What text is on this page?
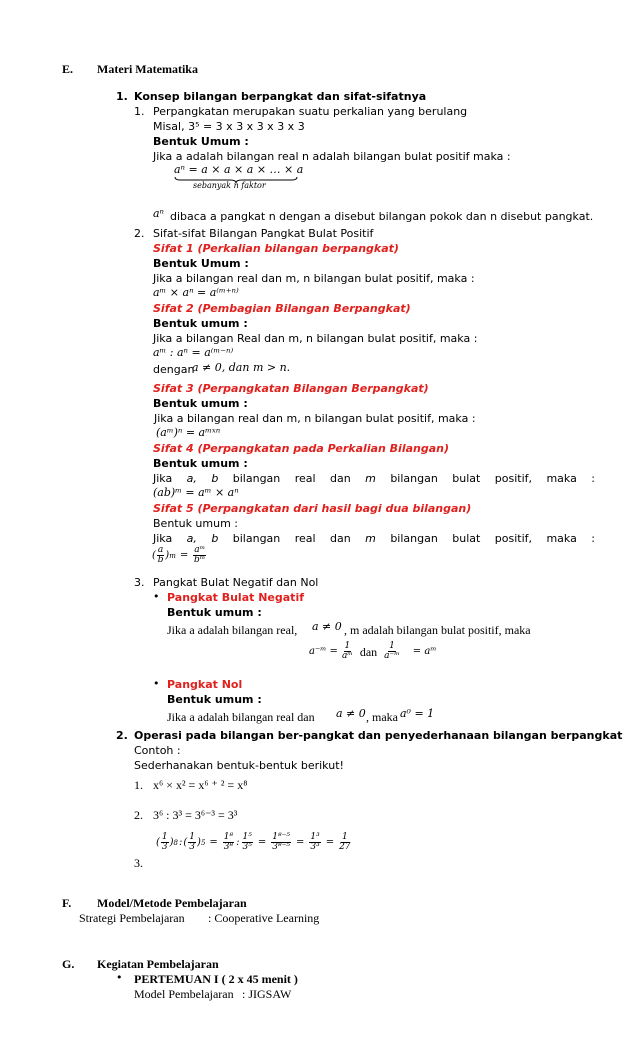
E. Materi Matematika
1. Konsep bilangan berpangkat dan sifat-sifatnya
1. Perpangkatan merupakan suatu perkalian yang berulang
Misal, 3⁵ = 3 x 3 x 3 x 3 x 3
Bentuk Umum :
Jika a adalah bilangan real n adalah bilangan bulat positif maka :
aⁿ = a × a × a × … × a
sebanyak n faktor
aⁿ dibaca a pangkat n dengan a disebut bilangan pokok dan n disebut pangkat.
2. Sifat-sifat Bilangan Pangkat Bulat Positif
Sifat 1 (Perkalian bilangan berpangkat)
Bentuk Umum :
Jika a bilangan real dan m, n bilangan bulat positif, maka :
aᵐ × aⁿ = a⁽ᵐ⁺ⁿ⁾
Sifat 2 (Pembagian Bilangan Berpangkat)
Bentuk umum :
Jika a bilangan Real dan m, n bilangan bulat positif, maka :
aᵐ : aⁿ = a⁽ᵐ⁻ⁿ⁾
dengan
a ≠ 0, dan m > n.
Sifat 3 (Perpangkatan Bilangan Berpangkat)
Bentuk umum :
Jika a bilangan real dan m, n bilangan bulat positif, maka :
(aᵐ)ⁿ = aᵐˣⁿ
Sifat 4 (Perpangkatan pada Perkalian Bilangan)
Bentuk umum :
Jika a, b bilangan real dan m bilangan bulat positif, maka :
(ab)ᵐ = aᵐ × aⁿ
Sifat 5 (Perpangkatan dari hasil bagi dua bilangan)
Bentuk umum :
Jika a, b bilangan real dan m bilangan bulat positif, maka :
( $\frac{a}{b}$ ) $m = \frac{\text{aᵐ}}{\text{bᵐ}}$
3. Pangkat Bulat Negatif dan Nol
• Pangkat Bulat Negatif
Bentuk umum :
Jika a adalah bilangan real, a ≠ 0 , m adalah bilangan bulat positif, maka
a⁻ᵐ = $\frac{1}{\text{aᵐ}}$ dan $\frac{1}{\text{a⁻ᵐ}}$ = aᵐ
• Pangkat Nol
Bentuk umum :
Jika a adalah bilangan real dan a ≠ 0 , maka a⁰ = 1
2. Operasi pada bilangan ber-pangkat dan penyederhanaan bilangan berpangkat
Contoh :
Sederhanakan bentuk-bentuk berikut!
1. x⁶ × x² = x⁶ ⁺ ² = x⁸
2. 3⁶ : 3³ = 3⁶⁻³ = 3³
( $\frac{1}{3}$ ) 8 : ( $\frac{1}{3}$ ) $5 = \frac{\text{1⁸}}{\text{3⁸}}$ : $\frac{\text{1⁵}}{\text{3⁵}} = \frac{\text{1⁸⁻⁵}}{\text{3⁸⁻⁵}} = \frac{\text{1³}}{\text{3³}} = \frac{1}{27}$
3.
F. Model/Metode Pembelajaran
Strategi Pembelajaran : Cooperative Learning
G. Kegiatan Pembelajaran
• PERTEMUAN I ( 2 x 45 menit )
Model Pembelajaran : JIGSAW
